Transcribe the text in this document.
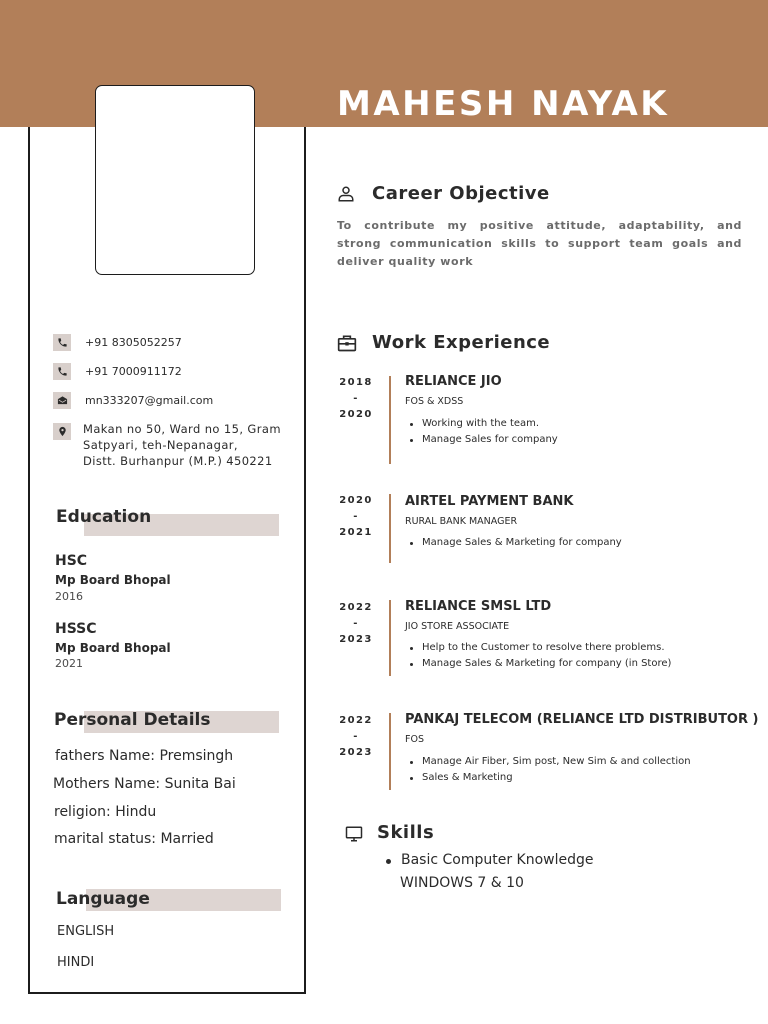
MAHESH NAYAK
+91 8305052257
+91 7000911172
mn333207@gmail.com
Makan no 50, Ward no 15, Gram
Satpyari, teh-Nepanagar,
Distt. Burhanpur (M.P.) 450221
Education
HSC
Mp Board Bhopal
2016
HSSC
Mp Board Bhopal
2021
Personal Details
fathers Name: Premsingh
Mothers Name: Sunita Bai
religion: Hindu
marital status: Married
Language
ENGLISH
HINDI
Career Objective
To contribute my positive attitude, adaptability, and strong communication skills to support team goals and deliver quality work
Work Experience
2018
-
2020
RELIANCE JIO
FOS & XDSS
Working with the team.
Manage Sales for company
2020
-
2021
AIRTEL PAYMENT BANK
RURAL BANK MANAGER
Manage Sales & Marketing for company
2022
-
2023
RELIANCE SMSL LTD
JIO STORE ASSOCIATE
Help to the Customer to resolve there problems.
Manage Sales & Marketing for company (in Store)
2022
-
2023
PANKAJ TELECOM (RELIANCE LTD DISTRIBUTOR )
FOS
Manage Air Fiber, Sim post, New Sim & and collection
Sales & Marketing
Skills
Basic Computer Knowledge
WINDOWS 7 & 10
